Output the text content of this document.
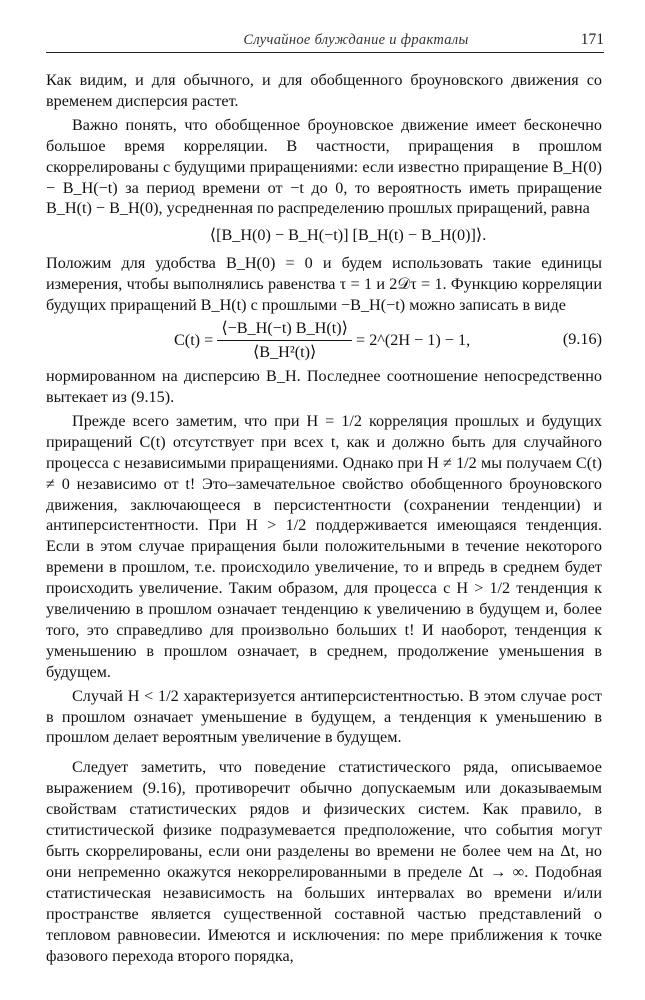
Случайное блуждание и фракталы	171

Как видим, и для обычного, и для обобщенного броуновского движения со временем дисперсия растет.

Важно понять, что обобщенное броуновское движение имеет бесконечно большое время корреляции. В частности, приращения в прошлом скоррелированы с будущими приращениями: если известно приращение B_H(0) − B_H(−t) за период времени от −t до 0, то вероятность иметь приращение B_H(t) − B_H(0), усредненная по распределению прошлых приращений, равна

⟨[B_H(0) − B_H(−t)] [B_H(t) − B_H(0)]⟩.

Положим для удобства B_H(0) = 0 и будем использовать такие единицы измерения, чтобы выполнялись равенства τ = 1 и 2𝒟τ = 1. Функцию корреляции будущих приращений B_H(t) с прошлыми −B_H(−t) можно записать в виде

$C(t) = \frac{⟨-B\_H(-t) B\_H(t)⟩}{\text{⟨B\_H²(t)⟩}}$ = 2^(2H − 1) − 1,	(9.16)

нормированном на дисперсию B_H. Последнее соотношение непосредственно вытекает из (9.15).

Прежде всего заметим, что при H = 1/2 корреляция прошлых и будущих приращений C(t) отсутствует при всех t, как и должно быть для случайного процесса с независимыми приращениями. Однако при H ≠ 1/2 мы получаем C(t) ≠ 0 независимо от t! Это–замечательное свойство обобщенного броуновского движения, заключающееся в персистентности (сохранении тенденции) и антиперсистентности. При H > 1/2 поддерживается имеющаяся тенденция. Если в этом случае приращения были положительными в течение некоторого времени в прошлом, т.е. происходило увеличение, то и впредь в среднем будет происходить увеличение. Таким образом, для процесса с H > 1/2 тенденция к увеличению в прошлом означает тенденцию к увеличению в будущем и, более того, это справедливо для произвольно больших t! И наоборот, тенденция к уменьшению в прошлом означает, в среднем, продолжение уменьшения в будущем.

Случай H < 1/2 характеризуется антиперсистентностью. В этом случае рост в прошлом означает уменьшение в будущем, а тенденция к уменьшению в прошлом делает вероятным увеличение в будущем.

Следует заметить, что поведение статистического ряда, описываемое выражением (9.16), противоречит обычно допускаемым или доказываемым свойствам статистических рядов и физических систем. Как правило, в ститистической физике подразумевается предположение, что события могут быть скоррелированы, если они разделены во времени не более чем на Δt, но они непременно окажутся некоррелированными в пределе Δt → ∞. Подобная статистическая независимость на больших интервалах во времени и/или пространстве является существенной составной частью представлений о тепловом равновесии. Имеются и исключения: по мере приближения к точке фазового перехода второго порядка,
